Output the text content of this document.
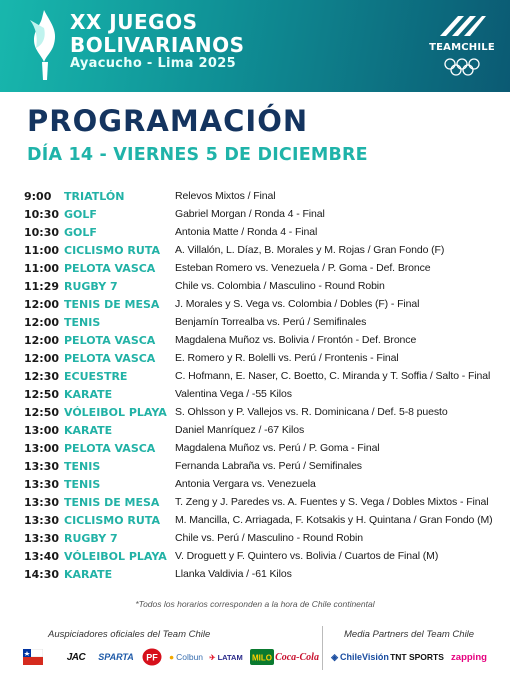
XX JUEGOS
BOLIVARIANOS
Ayacucho - Lima 2025
TEAMCHILE
PROGRAMACIÓN
DÍA 14 - VIERNES 5 DE DICIEMBRE
9:00 TRIATLÓN	Relevos Mixtos / Final
10:30 GOLF	Gabriel Morgan / Ronda 4 - Final
10:30 GOLF	Antonia Matte / Ronda 4 - Final
11:00 CICLISMO RUTA A. Villalón, L. Díaz, B. Morales y M. Rojas / Gran Fondo (F)
11:00 PELOTA VASCA Esteban Romero vs. Venezuela / P. Goma - Def. Bronce
11:29 RUGBY 7	Chile vs. Colombia / Masculino - Round Robin
12:00 TENIS DE MESA J. Morales y S. Vega vs. Colombia / Dobles (F) - Final
12:00 TENIS	Benjamín Torrealba vs. Perú / Semifinales
12:00 PELOTA VASCA Magdalena Muñoz vs. Bolivia / Frontón - Def. Bronce
12:00 PELOTA VASCA E. Romero y R. Bolelli vs. Perú / Frontenis - Final
12:30 ECUESTRE	C. Hofmann, E. Naser, C. Boetto, C. Miranda y T. Soffia / Salto - Final
12:50 KARATE	Valentina Vega / -55 Kilos
12:50 VÓLEIBOL PLAYA S. Ohlsson y P. Vallejos vs. R. Dominicana / Def. 5-8 puesto
13:00 KARATE	Daniel Manríquez / -67 Kilos
13:00 PELOTA VASCA Magdalena Muñoz vs. Perú / P. Goma - Final
13:30 TENIS	Fernanda Labraña vs. Perú / Semifinales
13:30 TENIS	Antonia Vergara vs. Venezuela
13:30 TENIS DE MESA T. Zeng y J. Paredes vs. A. Fuentes y S. Vega / Dobles Mixtos - Final
13:30 CICLISMO RUTA M. Mancilla, C. Arriagada, F. Kotsakis y H. Quintana / Gran Fondo (M)
13:30 RUGBY 7	Chile vs. Perú / Masculino - Round Robin
13:40 VÓLEIBOL PLAYA V. Droguett y F. Quintero vs. Bolivia / Cuartos de Final (M)
14:30 KARATE	Llanka Valdivia / -61 Kilos
*Todos los horarios corresponden a la hora de Chile continental
Auspiciadores oficiales del Team Chile	Media Partners del Team Chile
JAC	SPARTA PF ● Colbun ✈ LATAM MILO Coca-Cola ◈ ChileVisión TNT SPORTS zapping
